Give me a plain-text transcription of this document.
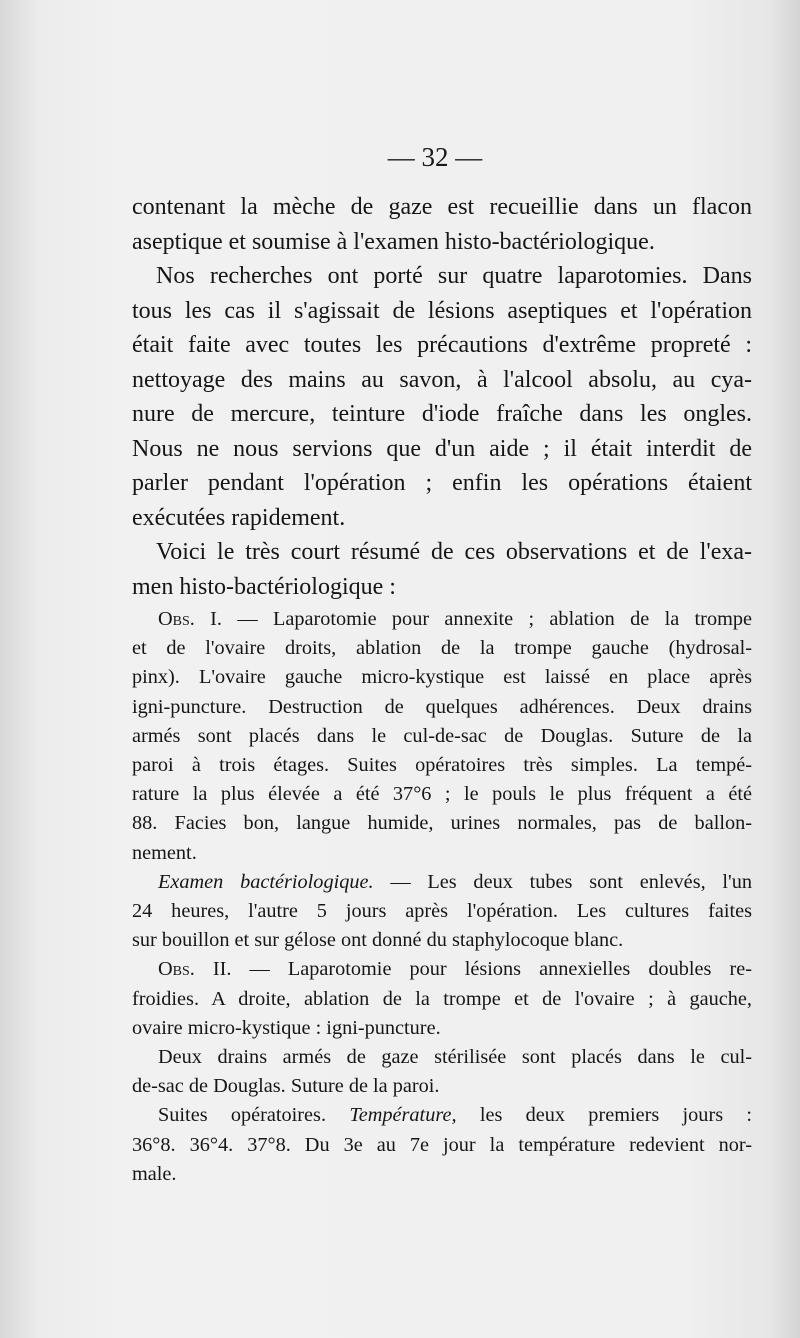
— 32 —
contenant la mèche de gaze est recueillie dans un flacon
aseptique et soumise à l'examen histo-bactériologique.
Nos recherches ont porté sur quatre laparotomies. Dans
tous les cas il s'agissait de lésions aseptiques et l'opération
était faite avec toutes les précautions d'extrême propreté :
nettoyage des mains au savon, à l'alcool absolu, au cya-
nure de mercure, teinture d'iode fraîche dans les ongles.
Nous ne nous servions que d'un aide ; il était interdit de
parler pendant l'opération ; enfin les opérations étaient
exécutées rapidement.
Voici le très court résumé de ces observations et de l'exa-
men histo-bactériologique :
Obs. I. — Laparotomie pour annexite ; ablation de la trompe
et de l'ovaire droits, ablation de la trompe gauche (hydrosal-
pinx). L'ovaire gauche micro-kystique est laissé en place après
igni-puncture. Destruction de quelques adhérences. Deux drains
armés sont placés dans le cul-de-sac de Douglas. Suture de la
paroi à trois étages. Suites opératoires très simples. La tempé-
rature la plus élevée a été 37°6 ; le pouls le plus fréquent a été
88. Facies bon, langue humide, urines normales, pas de ballon-
nement.
Examen bactériologique. — Les deux tubes sont enlevés, l'un
24 heures, l'autre 5 jours après l'opération. Les cultures faites
sur bouillon et sur gélose ont donné du staphylocoque blanc.
Obs. II. — Laparotomie pour lésions annexielles doubles re-
froidies. A droite, ablation de la trompe et de l'ovaire ; à gauche,
ovaire micro-kystique : igni-puncture.
Deux drains armés de gaze stérilisée sont placés dans le cul-
de-sac de Douglas. Suture de la paroi.
Suites opératoires. Température, les deux premiers jours :
36°8. 36°4. 37°8. Du 3e au 7e jour la température redevient nor-
male.
